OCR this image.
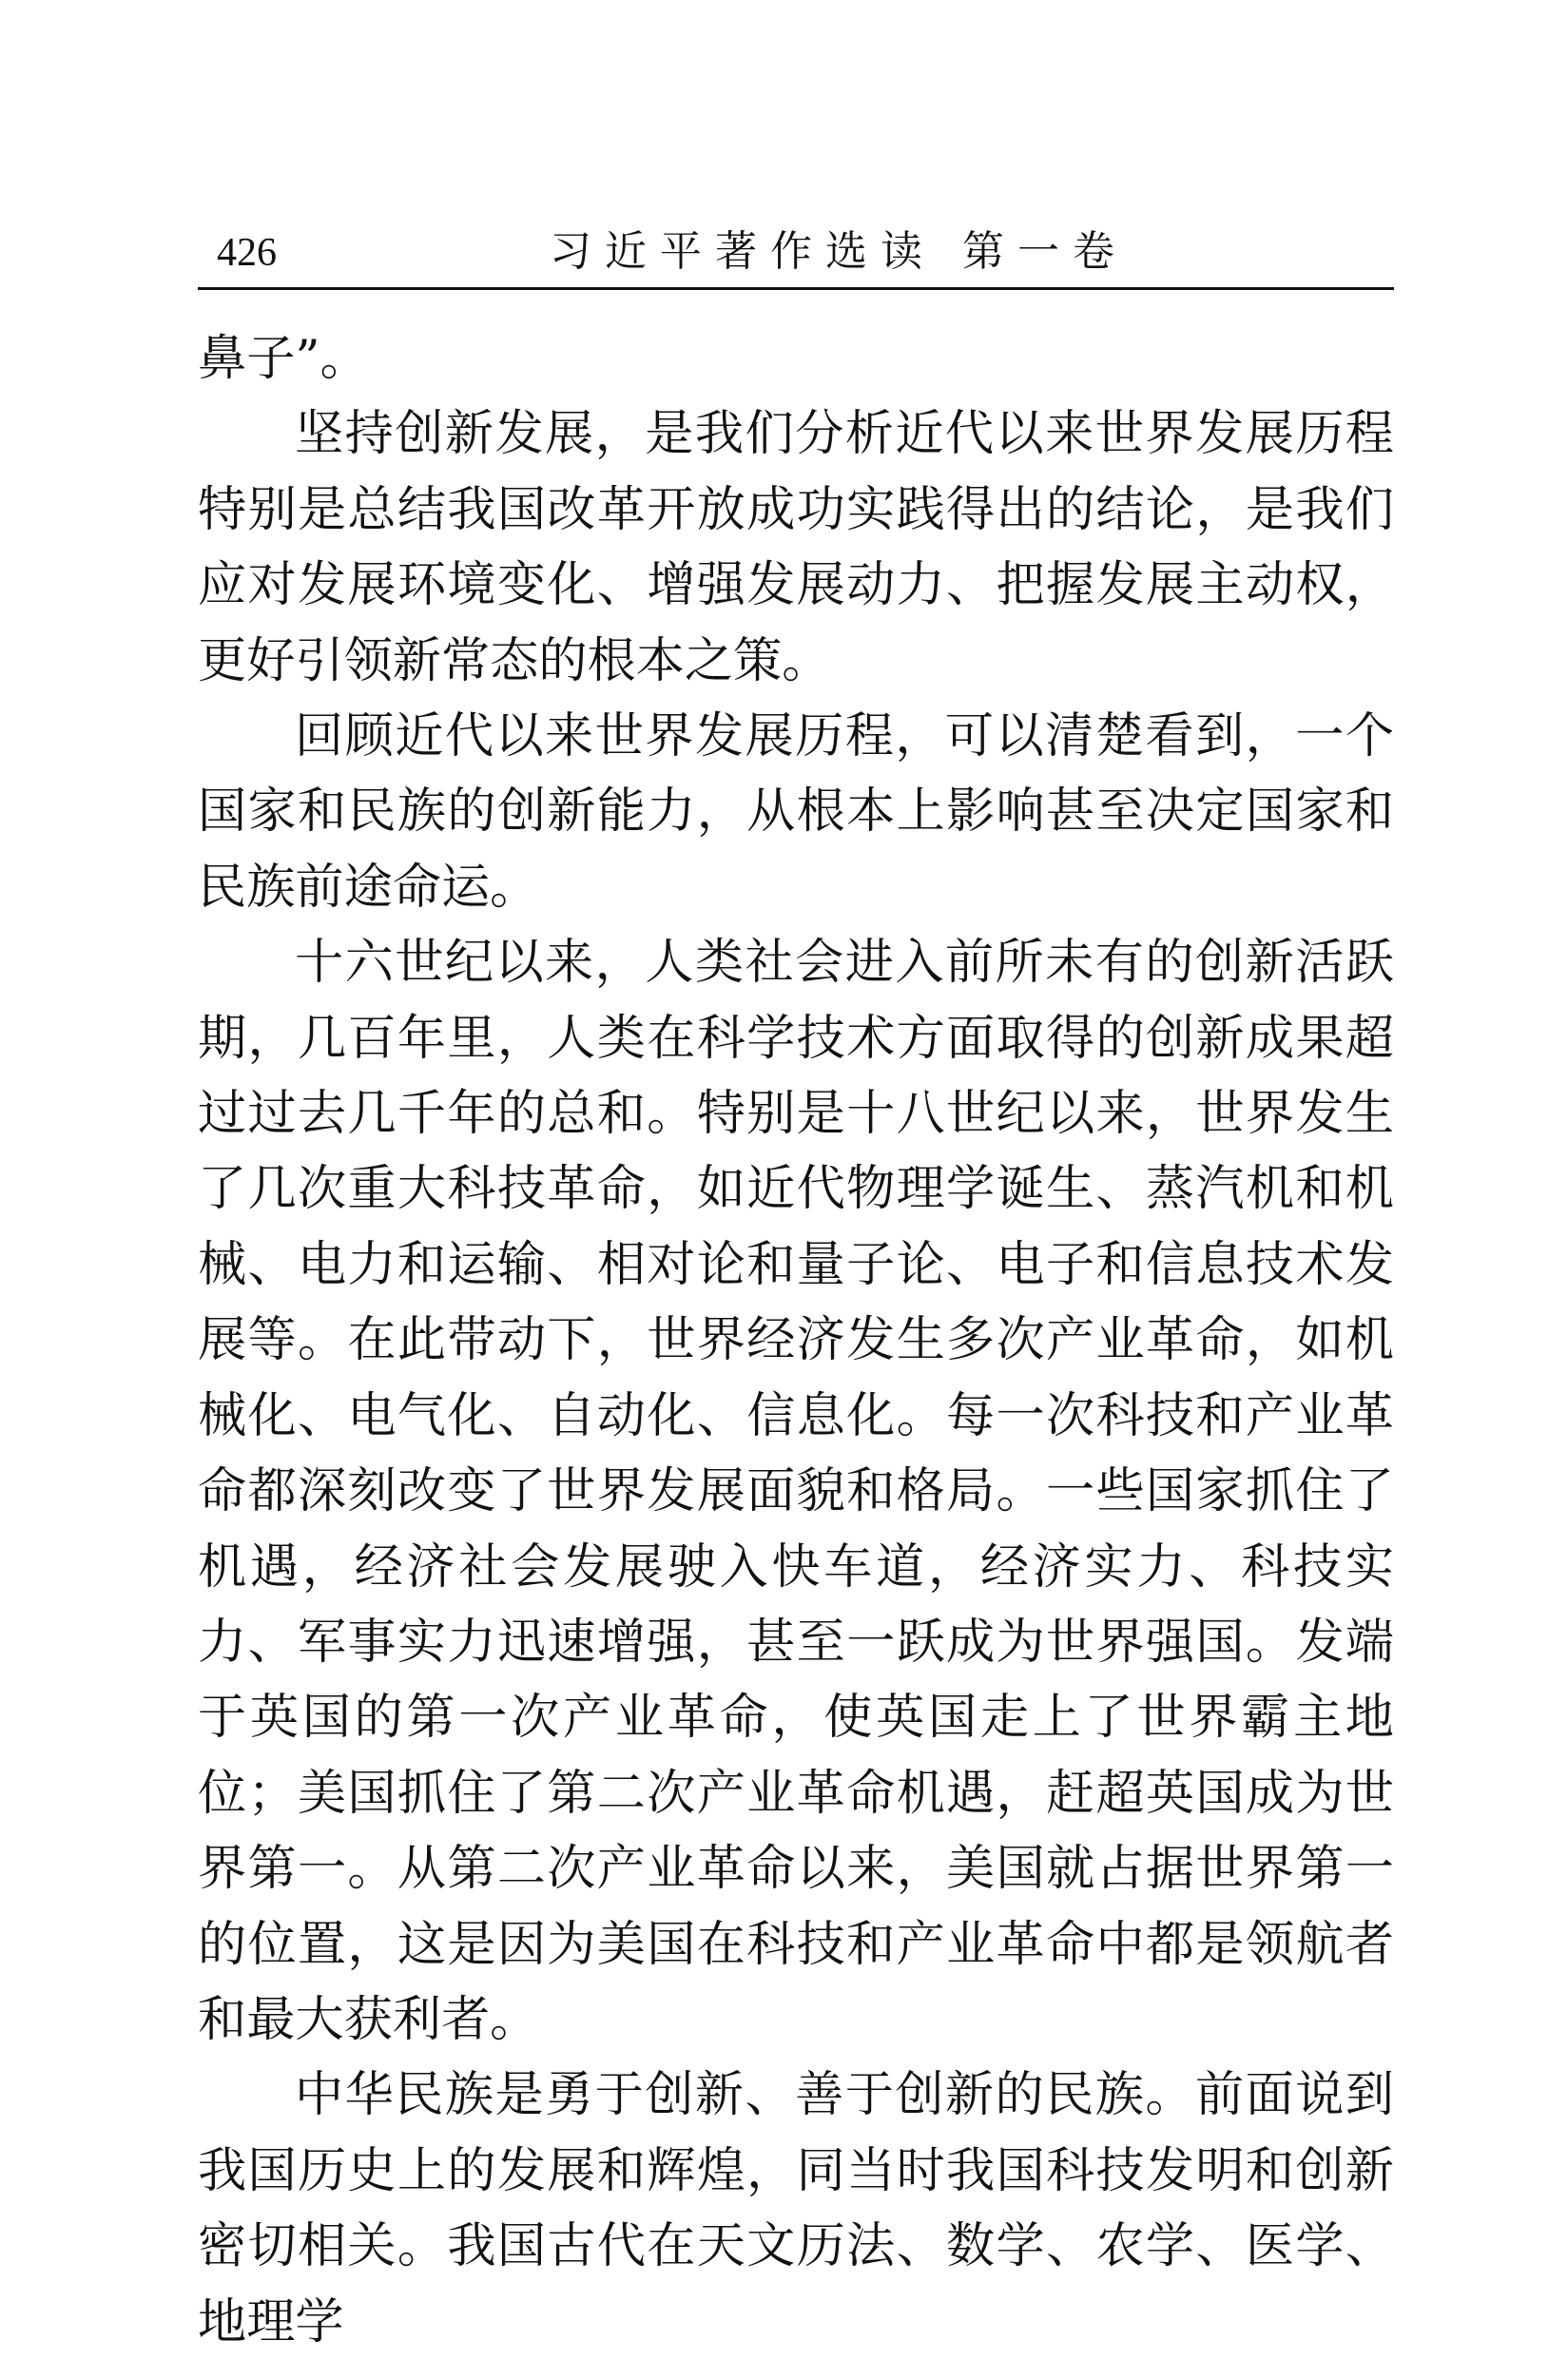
426	习近平著作选读 第一卷

鼻子”。

坚持创新发展，是我们分析近代以来世界发展历程特别是总结我国改革开放成功实践得出的结论，是我们应对发展环境变化、增强发展动力、把握发展主动权，更好引领新常态的根本之策。

回顾近代以来世界发展历程，可以清楚看到，一个国家和民族的创新能力，从根本上影响甚至决定国家和民族前途命运。

十六世纪以来，人类社会进入前所未有的创新活跃期，几百年里，人类在科学技术方面取得的创新成果超过过去几千年的总和。特别是十八世纪以来，世界发生了几次重大科技革命，如近代物理学诞生、蒸汽机和机械、电力和运输、相对论和量子论、电子和信息技术发展等。在此带动下，世界经济发生多次产业革命，如机械化、电气化、自动化、信息化。每一次科技和产业革命都深刻改变了世界发展面貌和格局。一些国家抓住了机遇，经济社会发展驶入快车道，经济实力、科技实力、军事实力迅速增强，甚至一跃成为世界强国。发端于英国的第一次产业革命，使英国走上了世界霸主地位；美国抓住了第二次产业革命机遇，赶超英国成为世界第一。从第二次产业革命以来，美国就占据世界第一的位置，这是因为美国在科技和产业革命中都是领航者和最大获利者。

中华民族是勇于创新、善于创新的民族。前面说到我国历史上的发展和辉煌，同当时我国科技发明和创新密切相关。我国古代在天文历法、数学、农学、医学、地理学
